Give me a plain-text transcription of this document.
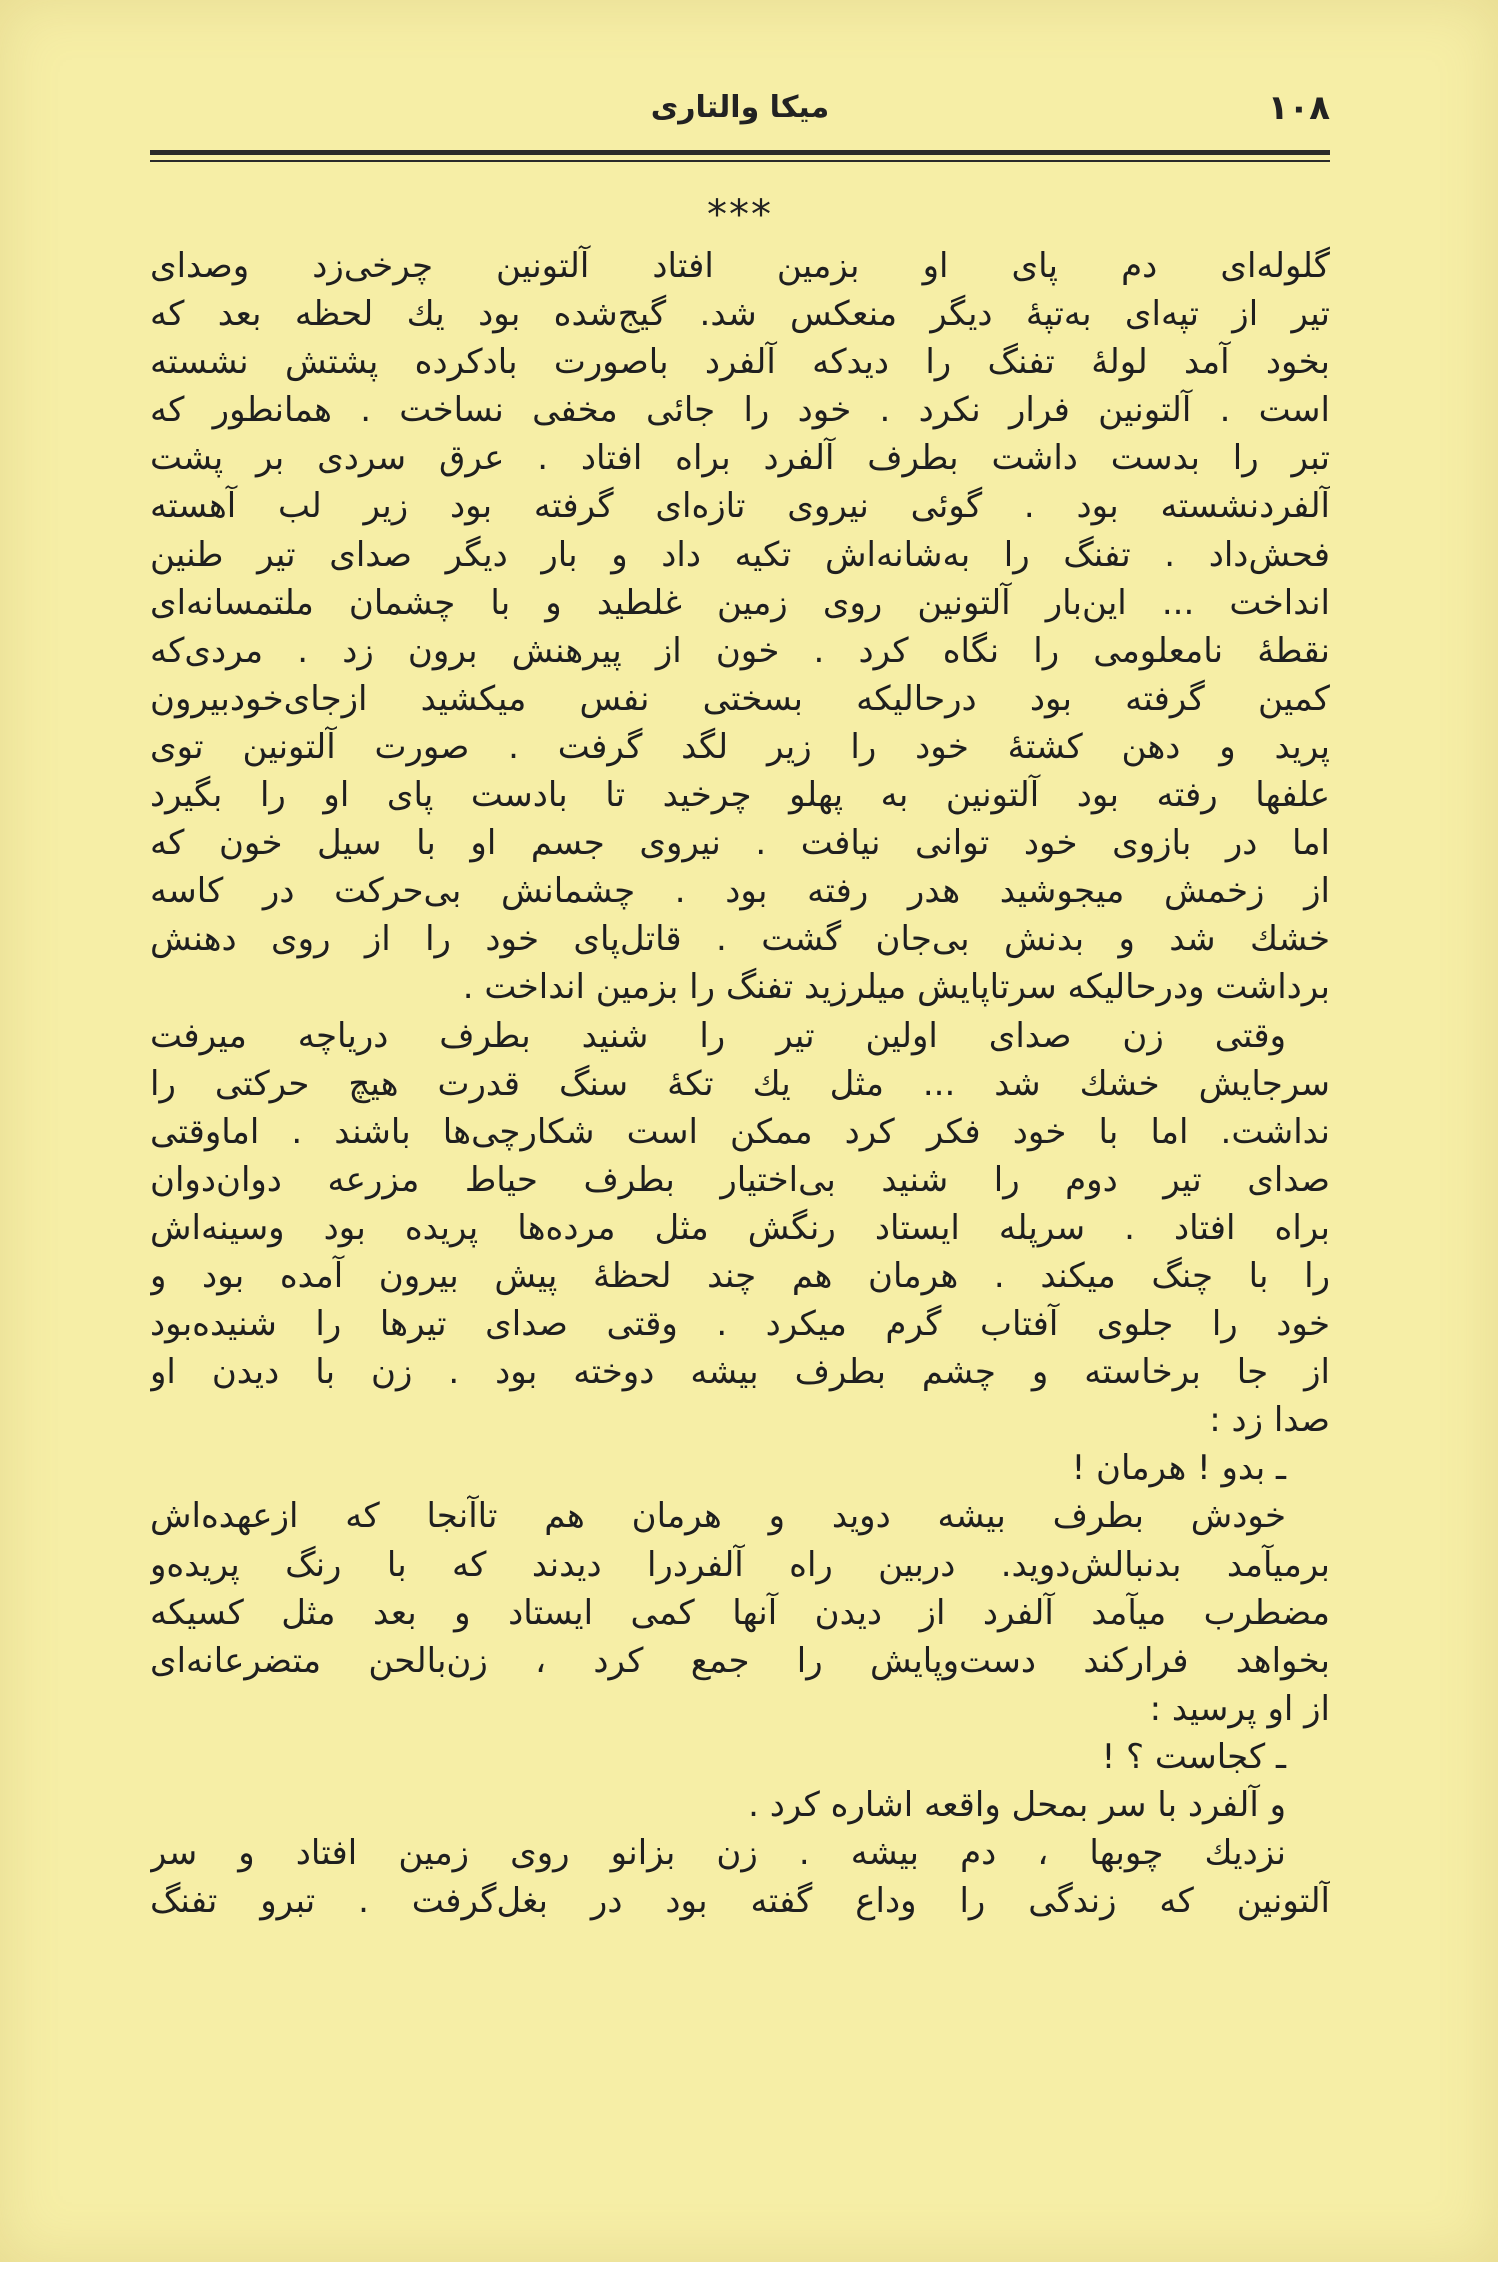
۱۰۸
میکا والتاری
***
گلوله‌ای دم پای او بزمین افتاد آلتونین چرخی‌زد وصدای
تیر از تپه‌ای به‌تپهٔ دیگر منعکس شد. گیج‌شده بود یك لحظه بعد که
بخود آمد لولهٔ تفنگ را دیدکه آلفرد باصورت بادکرده پشتش نشسته
است . آلتونین فرار نکرد . خود را جائی مخفی نساخت . همانطور که
تبر را بدست داشت بطرف آلفرد براه افتاد . عرق سردی بر پشت
آلفردنشسته بود . گوئی نیروی تازه‌ای گرفته بود زیر لب آهسته
فحش‌داد . تفنگ را به‌شانه‌اش تکیه داد و بار دیگر صدای تیر طنین
انداخت ... این‌بار آلتونین روی زمین غلطید و با چشمان ملتمسانه‌ای
نقطهٔ نامعلومی را نگاه کرد . خون از پیرهنش برون زد . مردی‌که
کمین گرفته بود درحالیکه بسختی نفس میکشید ازجای‌خودبیرون
پرید و دهن کشتهٔ خود را زیر لگد گرفت . صورت آلتونین توی
علفها رفته بود آلتونین به پهلو چرخید تا بادست پای او را بگیرد
اما در بازوی خود توانی نیافت . نیروی جسم او با سیل خون که
از زخمش میجوشید هدر رفته بود . چشمانش بی‌حرکت در کاسه
خشك شد و بدنش بی‌جان گشت . قاتل‌پای خود را از روی دهنش
برداشت ودرحالیکه سرتاپایش میلرزید تفنگ را بزمین انداخت .
وقتی زن صدای اولین تیر را شنید بطرف درياچه میرفت
سرجایش خشك شد ... مثل یك تکهٔ سنگ قدرت هیچ حرکتی را
نداشت. اما با خود فکر کرد ممکن است شکارچی‌ها باشند . اماوقتی
صدای تیر دوم را شنید بی‌اختیار بطرف حیاط مزرعه دوان‌دوان
براه افتاد . سرپله ایستاد رنگش مثل مرده‌ها پریده بود وسینه‌اش
را با چنگ میکند . هرمان هم چند لحظهٔ پیش بیرون آمده بود و
خود را جلوی آفتاب گرم میکرد . وقتی صدای تیرها را شنیده‌بود
از جا برخاسته و چشم بطرف بیشه دوخته بود . زن با دیدن او
صدا زد :
ـ بدو ! هرمان !
خودش بطرف بیشه دوید و هرمان هم تاآنجا که ازعهده‌اش
برمیآمد بدنبالش‌دوید. دربین راه آلفردرا دیدند که با رنگ پریده‌و
مضطرب میآمد آلفرد از دیدن آنها کمی ایستاد و بعد مثل کسیکه
بخواهد فرارکند دست‌وپایش را جمع کرد ، زن‌بالحن متضرعانه‌ای
از او پرسید :
ـ کجاست ؟ !
و آلفرد با سر بمحل واقعه اشاره کرد .
نزدیك چوبها ، دم بیشه . زن بزانو روی زمین افتاد و سر
آلتونین که زندگی را وداع گفته بود در بغل‌گرفت . تبرو تفنگ
